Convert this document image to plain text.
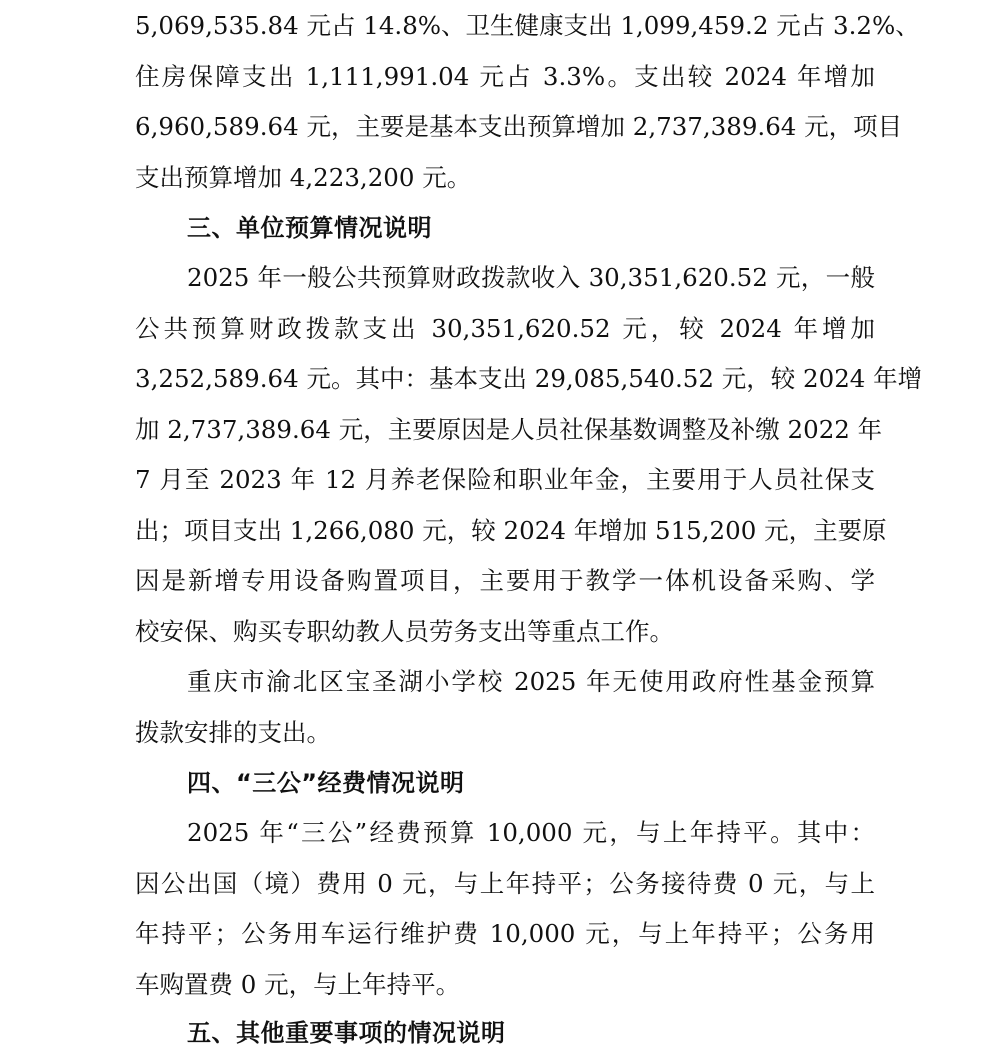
5,069,535.84 元占 14.8%、卫生健康支出 1,099,459.2 元占 3.2%、
住房保障支出 1,111,991.04 元占 3.3%。支出较 2024 年增加
6,960,589.64 元，主要是基本支出预算增加 2,737,389.64 元，项目
支出预算增加 4,223,200 元。
三、单位预算情况说明
2025 年一般公共预算财政拨款收入 30,351,620.52 元，一般
公共预算财政拨款支出 30,351,620.52 元，较 2024 年增加
3,252,589.64 元。其中：基本支出 29,085,540.52 元，较 2024 年增
加 2,737,389.64 元，主要原因是人员社保基数调整及补缴 2022 年
7 月至 2023 年 12 月养老保险和职业年金，主要用于人员社保支
出；项目支出 1,266,080 元，较 2024 年增加 515,200 元，主要原
因是新增专用设备购置项目，主要用于教学一体机设备采购、学
校安保、购买专职幼教人员劳务支出等重点工作。
重庆市渝北区宝圣湖小学校 2025 年无使用政府性基金预算
拨款安排的支出。
四、“三公”经费情况说明
2025 年“三公”经费预算 10,000 元，与上年持平。其中：
因公出国（境）费用 0 元，与上年持平；公务接待费 0 元，与上
年持平；公务用车运行维护费 10,000 元，与上年持平；公务用
车购置费 0 元，与上年持平。
五、其他重要事项的情况说明
